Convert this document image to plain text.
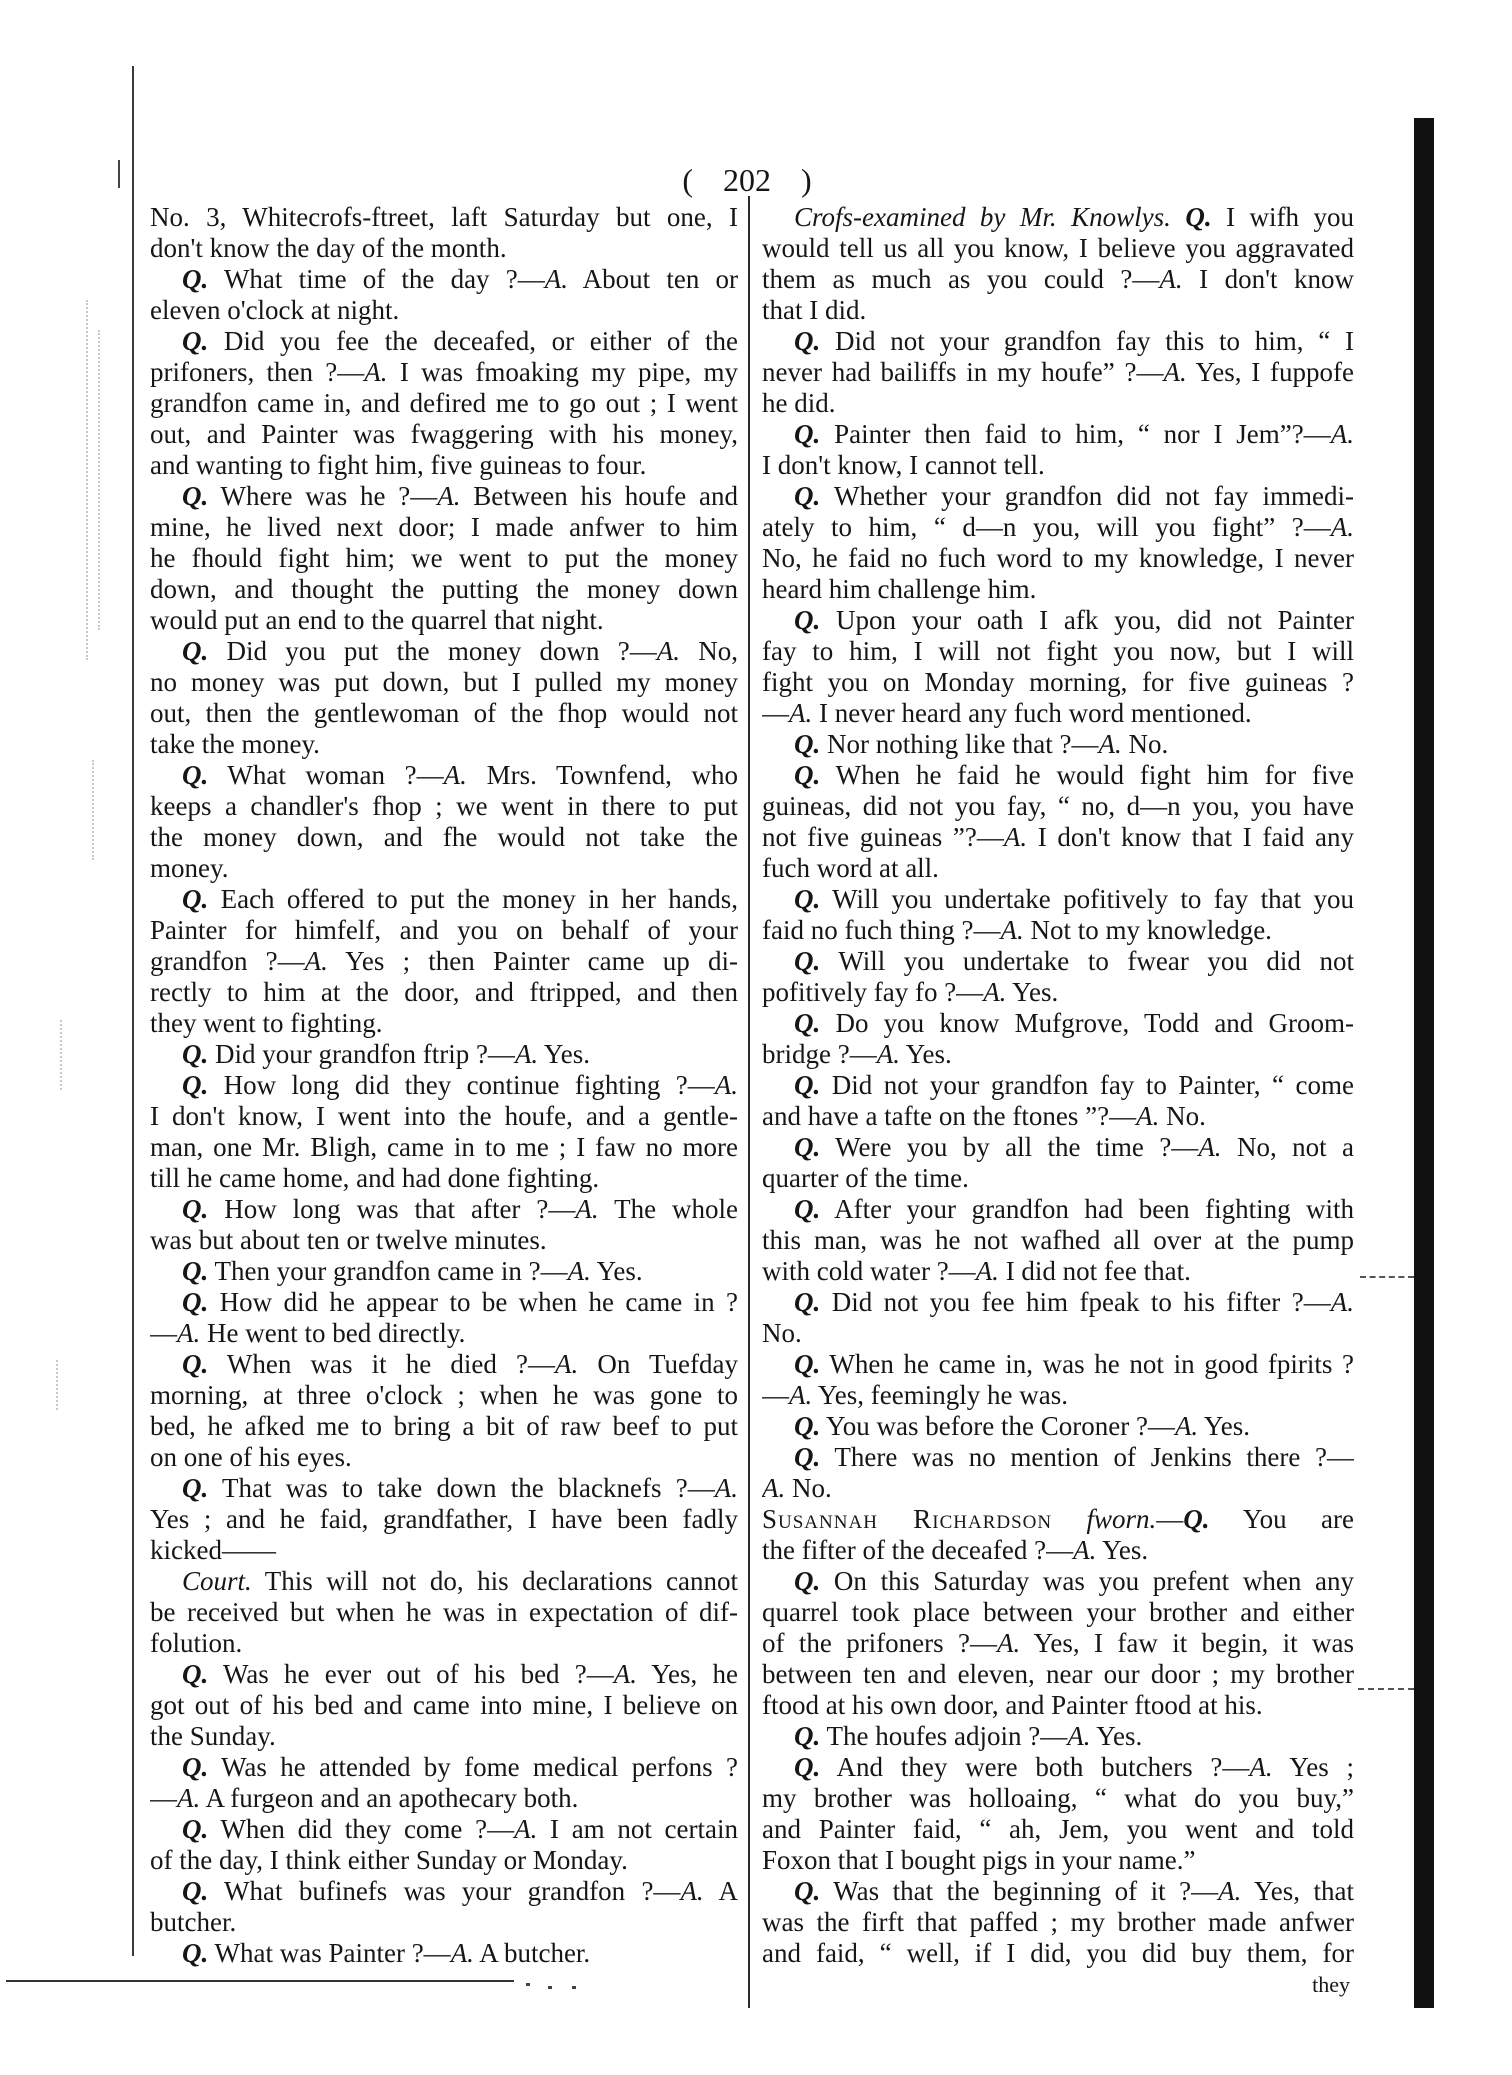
( 202 )
No. 3, Whitecrofs-ftreet, laft Saturday but one, I
don't know the day of the month.
Q. What time of the day ?—A. About ten or
eleven o'clock at night.
Q. Did you fee the deceafed, or either of the
prifoners, then ?—A. I was fmoaking my pipe, my
grandfon came in, and defired me to go out ; I went
out, and Painter was fwaggering with his money,
and wanting to fight him, five guineas to four.
Q. Where was he ?—A. Between his houfe and
mine, he lived next door; I made anfwer to him
he fhould fight him; we went to put the money
down, and thought the putting the money down
would put an end to the quarrel that night.
Q. Did you put the money down ?—A. No,
no money was put down, but I pulled my money
out, then the gentlewoman of the fhop would not
take the money.
Q. What woman ?—A. Mrs. Townfend, who
keeps a chandler's fhop ; we went in there to put
the money down, and fhe would not take the
money.
Q. Each offered to put the money in her hands,
Painter for himfelf, and you on behalf of your
grandfon ?—A. Yes ; then Painter came up di-
rectly to him at the door, and ftripped, and then
they went to fighting.
Q. Did your grandfon ftrip ?—A. Yes.
Q. How long did they continue fighting ?—A.
I don't know, I went into the houfe, and a gentle-
man, one Mr. Bligh, came in to me ; I faw no more
till he came home, and had done fighting.
Q. How long was that after ?—A. The whole
was but about ten or twelve minutes.
Q. Then your grandfon came in ?—A. Yes.
Q. How did he appear to be when he came in ?
—A. He went to bed directly.
Q. When was it he died ?—A. On Tuefday
morning, at three o'clock ; when he was gone to
bed, he afked me to bring a bit of raw beef to put
on one of his eyes.
Q. That was to take down the blacknefs ?—A.
Yes ; and he faid, grandfather, I have been fadly
kicked——
Court. This will not do, his declarations cannot
be received but when he was in expectation of dif-
folution.
Q. Was he ever out of his bed ?—A. Yes, he
got out of his bed and came into mine, I believe on
the Sunday.
Q. Was he attended by fome medical perfons ?
—A. A furgeon and an apothecary both.
Q. When did they come ?—A. I am not certain
of the day, I think either Sunday or Monday.
Q. What bufinefs was your grandfon ?—A. A
butcher.
Q. What was Painter ?—A. A butcher.
Crofs-examined by Mr. Knowlys. Q. I wifh you
would tell us all you know, I believe you aggravated
them as much as you could ?—A. I don't know
that I did.
Q. Did not your grandfon fay this to him, “ I
never had bailiffs in my houfe” ?—A. Yes, I fuppofe
he did.
Q. Painter then faid to him, “ nor I Jem”?—A.
I don't know, I cannot tell.
Q. Whether your grandfon did not fay immedi-
ately to him, “ d—n you, will you fight” ?—A.
No, he faid no fuch word to my knowledge, I never
heard him challenge him.
Q. Upon your oath I afk you, did not Painter
fay to him, I will not fight you now, but I will
fight you on Monday morning, for five guineas ?
—A. I never heard any fuch word mentioned.
Q. Nor nothing like that ?—A. No.
Q. When he faid he would fight him for five
guineas, did not you fay, “ no, d—n you, you have
not five guineas ”?—A. I don't know that I faid any
fuch word at all.
Q. Will you undertake pofitively to fay that you
faid no fuch thing ?—A. Not to my knowledge.
Q. Will you undertake to fwear you did not
pofitively fay fo ?—A. Yes.
Q. Do you know Mufgrove, Todd and Groom-
bridge ?—A. Yes.
Q. Did not your grandfon fay to Painter, “ come
and have a tafte on the ftones ”?—A. No.
Q. Were you by all the time ?—A. No, not a
quarter of the time.
Q. After your grandfon had been fighting with
this man, was he not wafhed all over at the pump
with cold water ?—A. I did not fee that.
Q. Did not you fee him fpeak to his fifter ?—A.
No.
Q. When he came in, was he not in good fpirits ?
—A. Yes, feemingly he was.
Q. You was before the Coroner ?—A. Yes.
Q. There was no mention of Jenkins there ?—
A. No.
Susannah Richardson fworn.—Q. You are
the fifter of the deceafed ?—A. Yes.
Q. On this Saturday was you prefent when any
quarrel took place between your brother and either
of the prifoners ?—A. Yes, I faw it begin, it was
between ten and eleven, near our door ; my brother
ftood at his own door, and Painter ftood at his.
Q. The houfes adjoin ?—A. Yes.
Q. And they were both butchers ?—A. Yes ;
my brother was holloaing, “ what do you buy,”
and Painter faid, “ ah, Jem, you went and told
Foxon that I bought pigs in your name.”
Q. Was that the beginning of it ?—A. Yes, that
was the firft that paffed ; my brother made anfwer
and faid, “ well, if I did, you did buy them, for
they
